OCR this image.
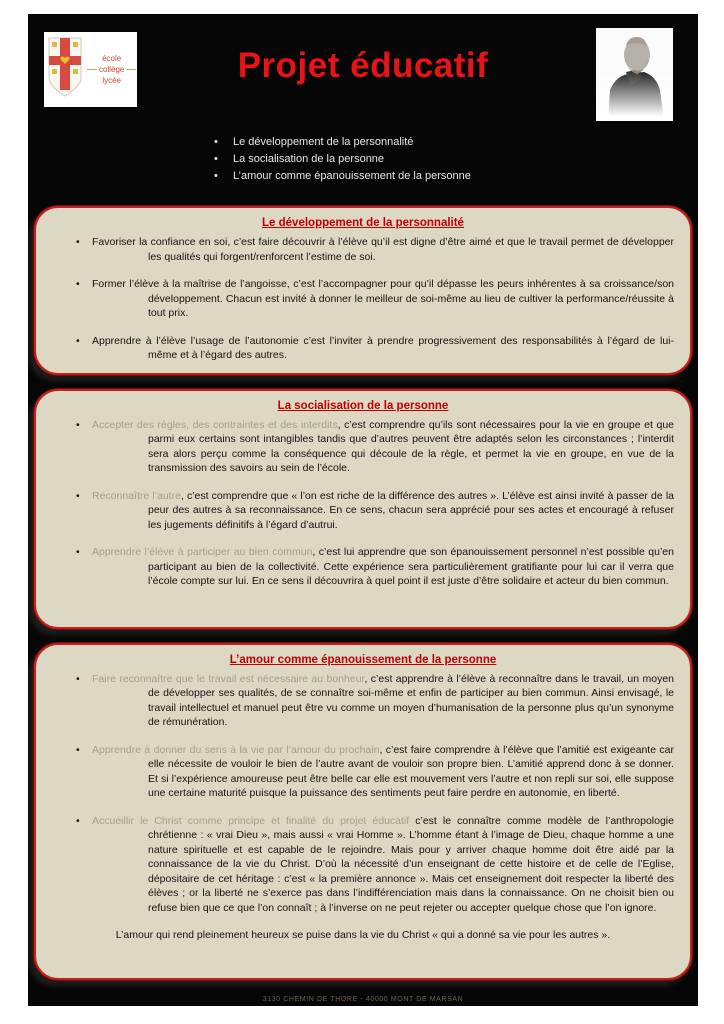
école
collège
lycée	Projet éducatif
• Le développement de la personnalité
• La socialisation de la personne
• L’amour comme épanouissement de la personne
Le développement de la personnalité
• Favoriser la confiance en soi, c’est faire découvrir à l’élève qu’il est digne d’être aimé et que le travail permet de développer les qualités qui forgent/renforcent l’estime de soi.
• Former l’élève à la maîtrise de l’angoisse, c’est l’accompagner pour qu’il dépasse les peurs inhérentes à sa croissance/son développement. Chacun est invité à donner le meilleur de soi-même au lieu de cultiver la performance/réussite à tout prix.
• Apprendre à l’élève l’usage de l’autonomie c’est l’inviter à prendre progressivement des responsabilités à l’égard de lui-même et à l’égard des autres.
La socialisation de la personne
• Accepter des règles, des contraintes et des interdits, c’est comprendre qu’ils sont nécessaires pour la vie en groupe et que parmi eux certains sont intangibles tandis que d’autres peuvent être adaptés selon les circonstances ; l’interdit sera alors perçu comme la conséquence qui découle de la règle, et permet la vie en groupe, en vue de la transmission des savoirs au sein de l’école.
• Reconnaître l’autre, c’est comprendre que « l’on est riche de la différence des autres ». L’élève est ainsi invité à passer de la peur des autres à sa reconnaissance. En ce sens, chacun sera apprécié pour ses actes et encouragé à refuser les jugements définitifs à l’égard d’autrui.
• Apprendre l’élève à participer au bien commun, c’est lui apprendre que son épanouissement personnel n’est possible qu’en participant au bien de la collectivité. Cette expérience sera particulièrement gratifiante pour lui car il verra que l’école compte sur lui. En ce sens il découvrira à quel point il est juste d’être solidaire et acteur du bien commun.
L’amour comme épanouissement de la personne
• Faire reconnaître que le travail est nécessaire au bonheur, c’est apprendre à l’élève à reconnaître dans le travail, un moyen de développer ses qualités, de se connaître soi-même et enfin de participer au bien commun. Ainsi envisagé, le travail intellectuel et manuel peut être vu comme un moyen d’humanisation de la personne plus qu’un synonyme de rémunération.
• Apprendre à donner du sens à la vie par l’amour du prochain, c’est faire comprendre à l’élève que l’amitié est exigeante car elle nécessite de vouloir le bien de l’autre avant de vouloir son propre bien. L’amitié apprend donc à se donner. Et si l’expérience amoureuse peut être belle car elle est mouvement vers l’autre et non repli sur soi, elle suppose une certaine maturité puisque la puissance des sentiments peut faire perdre en autonomie, en liberté.
• Accueillir le Christ comme principe et finalité du projet éducatif c’est le connaître comme modèle de l’anthropologie chrétienne : « vrai Dieu », mais aussi « vrai Homme ». L’homme étant à l’image de Dieu, chaque homme a une nature spirituelle et est capable de le rejoindre. Mais pour y arriver chaque homme doit être aidé par la connaissance de la vie du Christ. D’où la nécessité d’un enseignant de cette histoire et de celle de l’Eglise, dépositaire de cet héritage : c’est « la première annonce ». Mais cet enseignement doit respecter la liberté des élèves ; or la liberté ne s’exerce pas dans l’indifférenciation mais dans la connaissance. On ne choisit bien ou refuse bien que ce que l’on connaît ; à l’inverse on ne peut rejeter ou accepter quelque chose que l’on ignore.
L’amour qui rend pleinement heureux se puise dans la vie du Christ « qui a donné sa vie pour les autres ».
3130 CHEMIN DE THORE - 40000 MONT DE MARSAN
